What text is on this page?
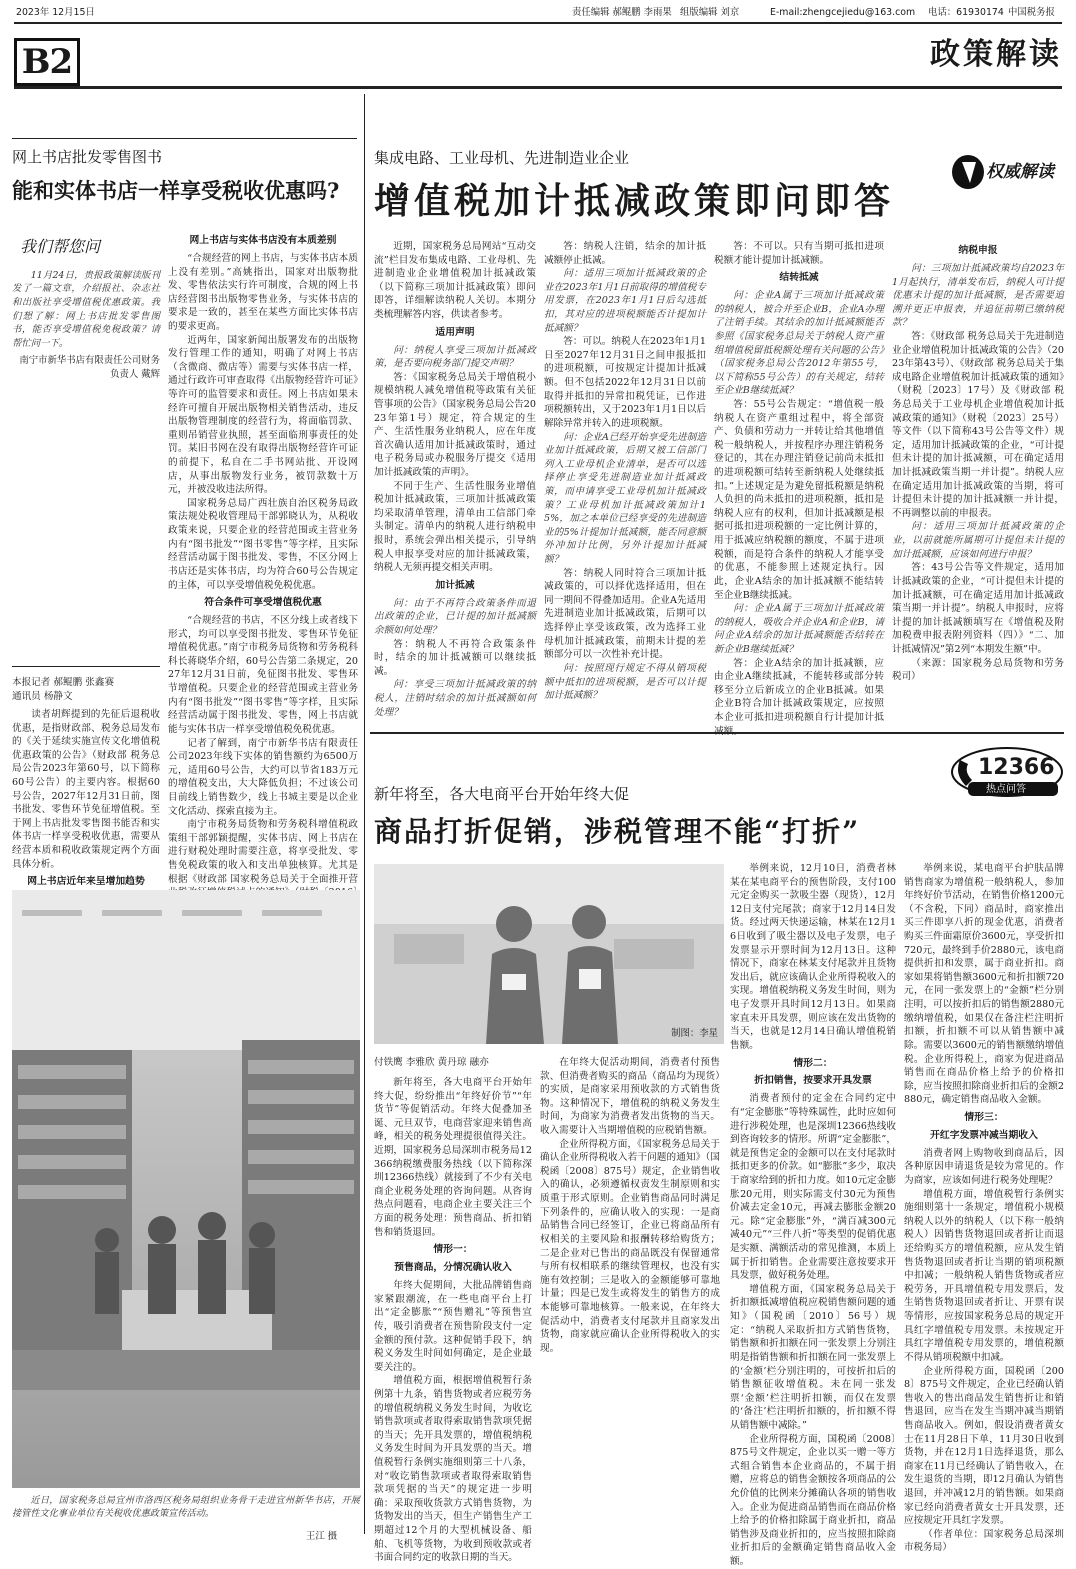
2023年 12月15日	责任编辑 郝鲲鹏 李雨果 组版编辑 刘京	E-mail:zhengcejiedu@163.com 电话：61930174 中国税务报
B2	政策解读
网上书店批发零售图书
能和实体书店一样享受税收优惠吗?
我们帮您问
11月24日，贵报政策解读版刊发了一篇文章，介绍报社、杂志社和出版社享受增值税优惠政策。我们想了解：网上书店批发零售图书，能否享受增值税免税政策？请帮忙问一下。
南宁市新华书店有限责任公司财务负责人 戴辉
本报记者 郝鲲鹏 张鑫赛
通讯员 杨静文

读者胡辉提到的先征后退税收优惠，是指财政部、税务总局发布的《关于延续实施宣传文化增值税优惠政策的公告》（财政部 税务总局公告2023年第60号，以下简称60号公告）的主要内容。根据60号公告，2027年12月31日前，图书批发、零售环节免征增值税。至于网上书店批发零售图书能否和实体书店一样享受税收优惠，需要从经营本质和税收政策规定两个方面具体分析。

网上书店近年来呈增加趋势

网上书店与实体书店没有本质差别

“合规经营的网上书店，与实体书店本质上没有差别。”高姚指出，国家对出版物批发、零售依法实行许可制度，合规的网上书店经营图书出版物零售业务，与实体书店的要求是一致的，甚至在某些方面比实体书店的要求更高。

近两年，国家新闻出版署发布的出版物发行管理工作的通知，明确了对网上书店（含微商、微店等）需要与实体书店一样，通过行政许可审查取得《出版物经营许可证》等许可的监管要求和责任。网上书店如果未经许可擅自开展出版物相关销售活动，违反出版物管理制度的经营行为，将面临罚款、重则吊销营业执照，甚至面临刑事责任的处罚。某旧书网在没有取得出版物经营许可证的前提下，私自在二手书网站批、开设网店，从事出版物发行业务，被罚款数十万元，并被没收违法所得。

国家税务总局广西壮族自治区税务局政策法规处税收管理局干部郭晓认为，从税收政策来说，只要企业的经营范围或主营业务内有“图书批发”“图书零售”等字样，且实际经营活动属于图书批发、零售，不区分网上书店还是实体书店，均为符合60号公告规定的主体，可以享受增值税免税优惠。

符合条件可享受增值税优惠

“合规经营的书店，不区分线上或者线下形式，均可以享受图书批发、零售环节免征增值税优惠。”南宁市税务局货物和劳务税科科长蒋晓华介绍，60号公告第二条规定，2027年12月31日前，免征图书批发、零售环节增值税。只要企业的经营范围或主营业务内有“图书批发”“图书零售”等字样，且实际经营活动属于图书批发、零售，网上书店就能与实体书店一样享受增值税免税优惠。

记者了解到，南宁市新华书店有限责任公司2023年线下实体的销售额约为6500万元，适用60号公告，大约可以节省183万元的增值税支出，大大降低负担；不过该公司目前线上销售数少，线上书城主要是以企业文化活动、探索直接为主。

南宁市税务局货物和劳务税科增值税政策组干部郭颖提醒，实体书店、网上书店在进行财税处理时需要注意，将享受批发、零售免税政策的收入和支出单独核算。尤其是根据《财政部 国家税务总局关于全面推开营

近日，国家税务总局宜州市洛西区税务局组织业务骨干走进宜州新华书店，开展接管性文化事业单位有关税收优惠政策宣传活动。

王江 摄
集成电路、工业母机、先进制造业企业
增值税加计抵减政策即问即答
权威解读

近期，国家税务总局网站“互动交流”栏目发布集成电路、工业母机、先进制造业企业增值税加计抵减政策（以下简称三项加计抵减政策）即问即答，详细解读纳税人关切。本期分类梳理解答内容，供读者参考。

适用声明

问：纳税人享受三项加计抵减政策，是否要向税务部门提交声明？

答：《国家税务总局关于增值税小规模纳税人减免增值税等政策有关征管事项的公告》（国家税务总局公告2023年第1号）规定，符合规定的生产、生活性服务业纳税人，应在年度首次确认适用加计抵减政策时，通过电子税务局或办税服务厅提交《适用加计抵减政策的声明》。

不同于生产、生活性服务业增值税加计抵减政策，三项加计抵减政策均采取清单管理，清单由工信部门牵头制定。清单内的纳税人进行纳税申报时，系统会弹出相关提示，引导纳税人申报享受对应的加计抵减政策，纳税人无须再提交相关声明。

加计抵减

问：由于不再符合政策条件而退出政策的企业，已计提的加计抵减额余额如何处理？

答：纳税人不再符合政策条件时，结余的加计抵减额可以继续抵减。

问：享受三项加计抵减政策的纳税人，注销时结余的加计抵减额如何处理？

答：纳税人注销，结余的加计抵减额停止抵减。

问：适用三项加计抵减政策的企业在2023年1月1日前取得的增值税专用发票，在2023年1月1日后勾选抵扣，其对应的进项税额能否计提加计抵减额？

答：可以。纳税人在2023年1月1日至2027年12月31日之间申报抵扣的进项税额，可按规定计提加计抵减额。但不包括2022年12月31日以前取得并抵扣的异常扣税凭证，已作进项税额转出，又于2023年1月1日以后解除异常并转入的进项税额。

问：企业A已经开始享受先进制造业加计抵减政策，后期又被工信部门列入工业母机企业清单，是否可以选择停止享受先进制造业加计抵减政策，而申请享受工业母机加计抵减政策？工业母机加计抵减政策加计15%，加之本单位已经享受的先进制造业的5%计提加计抵减额，能否同意额外冲加计比例，另外计提加计抵减额？

答：纳税人同时符合三项加计抵减政策的，可以择优选择适用，但在同一期间不得叠加适用。企业A先适用先进制造业加计抵减政策，后期可以选择停止享受该政策，改为选择工业母机加计抵减政策，前期未计提的差额部分可以一次性补充计提。

问：按照现行规定不得从销项税额中抵扣的进项税额，是否可以计提加计抵减额？

答：不可以。只有当期可抵扣进项税额才能计提加计抵减额。

结转抵减

问：企业A属于三项加计抵减政策的纳税人，被合并至企业B，企业A办理了注销手续。其结余的加计抵减额能否参照《国家税务总局关于纳税人资产重组增值税留抵税额处理有关问题的公告》（国家税务总局公告2012年第55号，以下简称55号公告）的有关规定，结转至企业B继续抵减？

答：55号公告规定：“增值税一般纳税人在资产重组过程中，将全部资产、负债和劳动力一并转让给其他增值税一般纳税人，并按程序办理注销税务登记的，其在办理注销登记前尚未抵扣的进项税额可结转至新纳税人处继续抵扣。”上述规定是为避免留抵税额是纳税人负担的尚未抵扣的进项税额，抵扣是纳税人应有的权利，但加计抵减额是根据可抵扣进项税额的一定比例计算的，用于抵减应纳税额的额度，不属于进项税额，而是符合条件的纳税人才能享受的优惠，不能参照上述规定执行。因此，企业A结余的加计抵减额不能结转至企业B继续抵减。

问：企业A属于三项加计抵减政策的纳税人，吸收合并企业A和企业B，请问企业A结余的加计抵减额能否结转在新企业B继续抵减？

答：企业A结余的加计抵减额，应由企业A继续抵减，不能转移或部分转移至分立后新成立的企业B抵减。如果企业B符合加计抵减政策规定，应按照本企业可抵扣进项税额自行计提加计抵

纳税申报

问：三项加计抵减政策均自2023年1月起执行，清单发布后，纳税人可计提优惠未计提的加计抵减额，是否需要追溯并更正申报表，并追征前期已缴纳税款？

答：《财政部 税务总局关于先进制造业企业增值税加计抵减政策的公告》（2023年第43号）、《财政部 税务总局关于集成电路企业增值税加计抵减政策的通知》（财税〔2023〕17号）及《财政部 税务总局关于工业母机企业增值税加计抵减政策的通知》（财税〔2023〕25号）等文件（以下简称43号公告等文件）规定，适用加计抵减政策的企业，“可计提但未计提的加计抵减额，可在确定适用加计抵减政策当期一并计提”。纳税人应在确定适用加计抵减政策的当期，将可计提但未计提的加计抵减额一并计提，不再调整以前的申报表。

问：适用三项加计抵减政策的企业，以前就能所属期可计提但未计提的加计抵减额，应该如何进行申报？

答：43号公告等文件规定，适用加计抵减政策的企业，“可计提但未计提的加计抵减额，可在确定适用加计抵减政策当期一并计提”。纳税人申报时，应将计提的加计抵减额填写在《增值税及附加税费申报表附列资料（四）》“二、加计抵减情况”第2列“本期发生额”中。

（来源：国家税务总局货物和劳务税司）

新年将至，各大电商平台开始年终大促
商品打折促销，涉税管理不能“打折”
12366
热点问答
制图：李星
付铁鹰 李雅欣 黄丹琼 融亦

新年将至，各大电商平台开始年终大促，纷纷推出“年终好价节”“年货节”等促销活动。年终大促叠加圣诞、元旦双节，电商营家迎来销售高峰，相关的税务处理提很值得关注。近期，国家税务总局深圳市税务局12366纳税缴费服务热线（以下简称深圳12366热线）就接到了不少有关电商企业税务处理的咨询问题。从咨询热点问题看，电商企业主要关注三个方面的税务处理：预售商品、折扣销售和销货退回。

情形一：
预售商品，分情况确认收入

年终大促期间，大批品牌销售商家紧跟潮流，在一些电商平台上打出“定金膨胀”“预售赠礼”等预售宣传，吸引消费者在预售阶段支付一定金额的预付款。这种促销手段下，纳税义务发生时间如何确定，是企业最要关注的。

增值税方面，根据增值税暂行条例第十九条，销售货物或者应税劳务的增值税纳税义务发生时间，为收讫销售款项或者取得索取销售款项凭据的当天；先开具发票的，增值税纳税义务发生时间为开具发票的当天。增值税暂行条例实施细则第三十八条，对“收讫销售款项或者取得索取销售款项凭据的当天”的规定进一步明确：采取预收货款方式销售货物，为货物发出的当天，但生产销售生产工期超过12个月的大型机械设备、船舶、飞机等货物，为收到预收款或者书面合同约定的收款日期的当天。

在年终大促活动期间，消费者付预售款、但消费者购买的商品（商品均为现货）的实质，是商家采用预收款的方式销售货物。这种情况下，增值税的纳税义务发生时间，为商家为消费者发出货物的当天。收入需要计入当期增值税的应税销售额。

企业所得税方面，《国家税务总局关于确认企业所得税收入若干问题的通知》（国税函〔2008〕875号）规定，企业销售收入的确认，必须遵循权责发生制原则和实质重于形式原则。企业销售商品同时满足下列条件的，应确认收入的实现：一是商品销售合同已经签订，企业已将商品所有权相关的主要风险和报酬转移给购货方；二是企业对已售出的商品既没有保留通常与所有权相联系的继续管理权，也没有实施有效控制；三是收入的金额能够可靠地计量；四是已发生或将发生的销售方的成本能够可靠地核算。一般来说，在年终大促活动中，消费者支付尾款并且商家发出货物，商家就应确认企业所得税收入的实现。

举例来说，12月10日，消费者林某在某电商平台的预售阶段，支付100元定金购买一款吸尘器（现货），12月12日支付完尾款；商家于12月14日发货。经过两天快递运输，林某在12月16日收到了吸尘器以及电子发票，电子发票显示开票时间为12月13日。这种情况下，商家在林某支付尾款并且货物发出后，就应该确认企业所得税收入的实现。增值税纳税义务发生时间，则为电子发票开具时间12月13日。如果商家直未开具发票，则应该在发出货物的当天，也就是12月14日确认增值税销售额。

情形二：
折扣销售，按要求开具发票

消费者预付的定金在合同约定中有“定金膨胀”等特殊属性，此时应如何进行涉税处理，也是深圳12366热线收到咨询较多的情形。所谓“定金膨胀”，就是预售定金的金额可以在支付尾款时抵扣更多的价款。如“膨胀”多少，取决于商家给到的折扣力度。如10元定金膨胀20元用，则实际需支付30元为预售价减去定金10元，再减去膨胀金额20元。除“定金膨胀”外，“满百减300元减40元”“三件八折”等类型的促销优惠是实额、满额活动的常见推测，本质上属于折扣销售。企业需要注意按要求开具发票，做好税务处理。

增值税方面，《国家税务总局关于折扣额抵减增值税应税销售额问题的通知》（国税函〔2010〕56号）规定：“纳税人采取折扣方式销售货物，销售额和折扣额在同一张发票上分别注明是指销售额和折扣额在同一张发票上的‘金额’栏分别注明的，可按折扣后的销售额征收增值税。未在同一张发票‘金额’栏注明折扣额，而仅在发票的‘备注’栏注明折扣额的，折扣额不得从销售额中减除。”

企业所得税方面，国税函〔2008〕875号文件规定，企业以买一赠一等方式组合销售本企业商品的，不属于捐赠，应将总的销售金额按各项商品的公允价值的比例来分摊确认各项的销售收入。企业为促进商品销售而在商品价格上给予的价格扣除属于商业折扣，商品销售涉及商业折扣的，应当按照扣除商业折扣后的金额确定销售商品收入金额。

举例来说，某电商平台护肤品牌销售商家为增值税一般纳税人，参加年终好价节活动，在销售价格1200元（不含税，下同）商品时，商家推出买三件即享八折的现金优惠，消费者购买三件面霜原价3600元，享受折扣720元，最终到手价2880元，该电商提供折扣和发票，属于商业折扣。商家如果将销售额3600元和折扣额720元，在同一张发票上的“金额”栏分别注明，可以按折扣后的销售额2880元缴纳增值税，如果仅在备注栏注明折扣额，折扣额不可以从销售额中减除。需要以3600元的销售额缴纳增值税。企业所得税上，商家为促进商品销售而在商品价格上给予的价格扣除，应当按照扣除商业折扣后的金额2880元，确定销售商品收入金额。

情形三：
开红字发票冲减当期收入

消费者网上购物收到商品后，因各种原因申请退货是较为常见的。作为商家，应该如何进行税务处理呢？

增值税方面，增值税暂行条例实施细则第十一条规定，增值税小规模纳税人以外的纳税人（以下称一般纳税人）因销售货物退回或者折让而退还给购买方的增值税额，应从发生销售货物退回或者折让当期的销项税额中扣减；一般纳税人销售货物或者应税劳务，开具增值税专用发票后，发生销售货物退回或者折让、开票有误等情形，应按国家税务总局的规定开具红字增值税专用发票。未按规定开具红字增值税专用发票的，增值税额不得从销项税额中扣减。

企业所得税方面，国税函〔2008〕875号文件规定，企业已经确认销售收入的售出商品发生销售折让和销售退回，应当在发生当期冲减当期销售商品收入。例如，假设消费者黄女士在11月28日下单，11月30日收到货物，并在12月1日选择退货，那么商家在11月已经确认了销售收入，在发生退货的当期，即12月确认为销售退回，并冲减12月的销售额。如果商家已经向消费者黄女士开具发票，还应按规定开具红字发票。

（作者单位：国家税务总局深圳市税务局）
